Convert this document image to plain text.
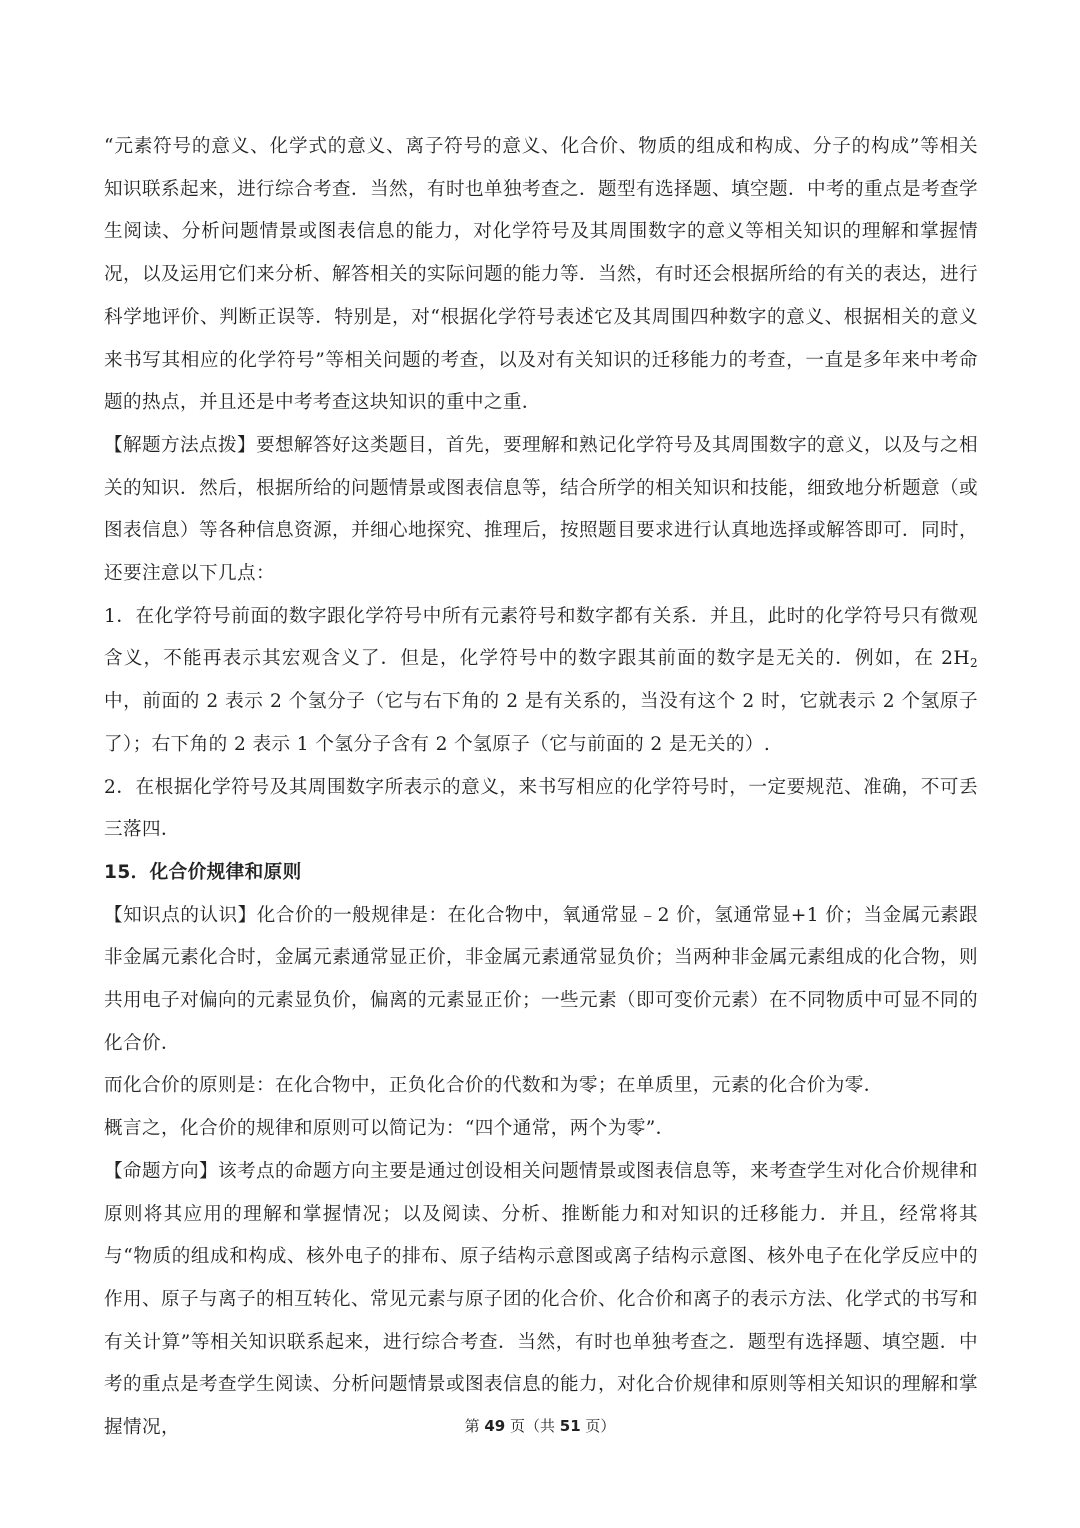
“元素符号的意义、化学式的意义、离子符号的意义、化合价、物质的组成和构成、分子的构成”等相关知识联系起来，进行综合考查．当然，有时也单独考查之．题型有选择题、填空题．中考的重点是考查学生阅读、分析问题情景或图表信息的能力，对化学符号及其周围数字的意义等相关知识的理解和掌握情况，以及运用它们来分析、解答相关的实际问题的能力等．当然，有时还会根据所给的有关的表达，进行科学地评价、判断正误等．特别是，对“根据化学符号表述它及其周围四种数字的意义、根据相关的意义来书写其相应的化学符号”等相关问题的考查，以及对有关知识的迁移能力的考查，一直是多年来中考命题的热点，并且还是中考考查这块知识的重中之重．

【解题方法点拨】要想解答好这类题目，首先，要理解和熟记化学符号及其周围数字的意义，以及与之相关的知识．然后，根据所给的问题情景或图表信息等，结合所学的相关知识和技能，细致地分析题意（或图表信息）等各种信息资源，并细心地探究、推理后，按照题目要求进行认真地选择或解答即可．同时，还要注意以下几点：

1．在化学符号前面的数字跟化学符号中所有元素符号和数字都有关系．并且，此时的化学符号只有微观含义，不能再表示其宏观含义了．但是，化学符号中的数字跟其前面的数字是无关的．例如，在 $2H_2$ 中，前面的 2 表示 2 个氢分子（它与右下角的 2 是有关系的，当没有这个 2 时，它就表示 2 个氢原子了）；右下角的 2 表示 1 个氢分子含有 2 个氢原子（它与前面的 2 是无关的）.

2．在根据化学符号及其周围数字所表示的意义，来书写相应的化学符号时，一定要规范、准确，不可丢三落四．

15．化合价规律和原则

【知识点的认识】化合价的一般规律是：在化合物中，氧通常显﹣2 价，氢通常显+1 价；当金属元素跟非金属元素化合时，金属元素通常显正价，非金属元素通常显负价；当两种非金属元素组成的化合物，则共用电子对偏向的元素显负价，偏离的元素显正价；一些元素（即可变价元素）在不同物质中可显不同的化合价．

而化合价的原则是：在化合物中，正负化合价的代数和为零；在单质里，元素的化合价为零．

概言之，化合价的规律和原则可以简记为：“四个通常，两个为零”．

【命题方向】该考点的命题方向主要是通过创设相关问题情景或图表信息等，来考查学生对化合价规律和原则将其应用的理解和掌握情况；以及阅读、分析、推断能力和对知识的迁移能力．并且，经常将其与“物质的组成和构成、核外电子的排布、原子结构示意图或离子结构示意图、核外电子在化学反应中的作用、原子与离子的相互转化、常见元素与原子团的化合价、化合价和离子的表示方法、化学式的书写和有关计算”等相关知识联系起来，进行综合考查．当然，有时也单独考查之．题型有选择题、填空题．中考的重点是考查学生阅读、分析问题情景或图表信息的能力，对化合价规律和原则等相关知识的理解和掌握情况，	第 49 页（共 51 页）
